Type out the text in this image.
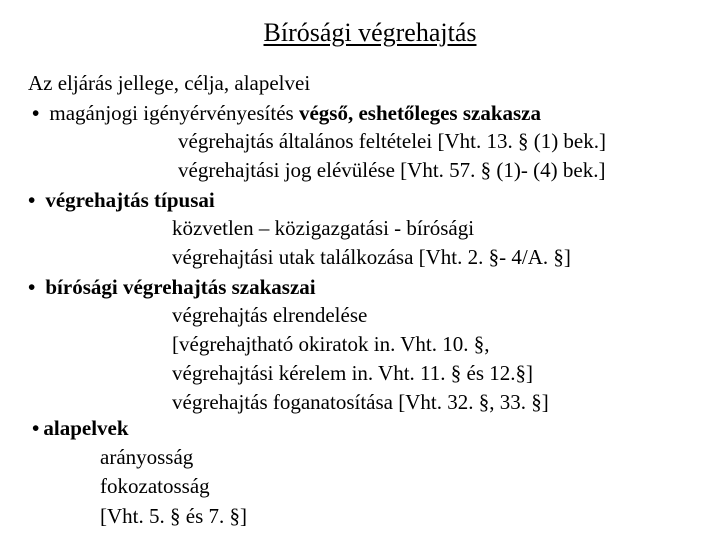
Bírósági végrehajtás
Az eljárás jellege, célja, alapelvei
• magánjogi igényérvényesítés végső, eshetőleges szakasza
végrehajtás általános feltételei [Vht. 13. § (1) bek.]
végrehajtási jog elévülése [Vht. 57. § (1)- (4) bek.]
• végrehajtás típusai
közvetlen – közigazgatási - bírósági
végrehajtási utak találkozása [Vht. 2. §- 4/A. §]
• bírósági végrehajtás szakaszai
végrehajtás elrendelése
[végrehajtható okiratok in. Vht. 10. §,
végrehajtási kérelem in. Vht. 11. § és 12.§]
végrehajtás foganatosítása [Vht. 32. §, 33. §]
• alapelvek
arányosság
fokozatosság
[Vht. 5. § és 7. §]
